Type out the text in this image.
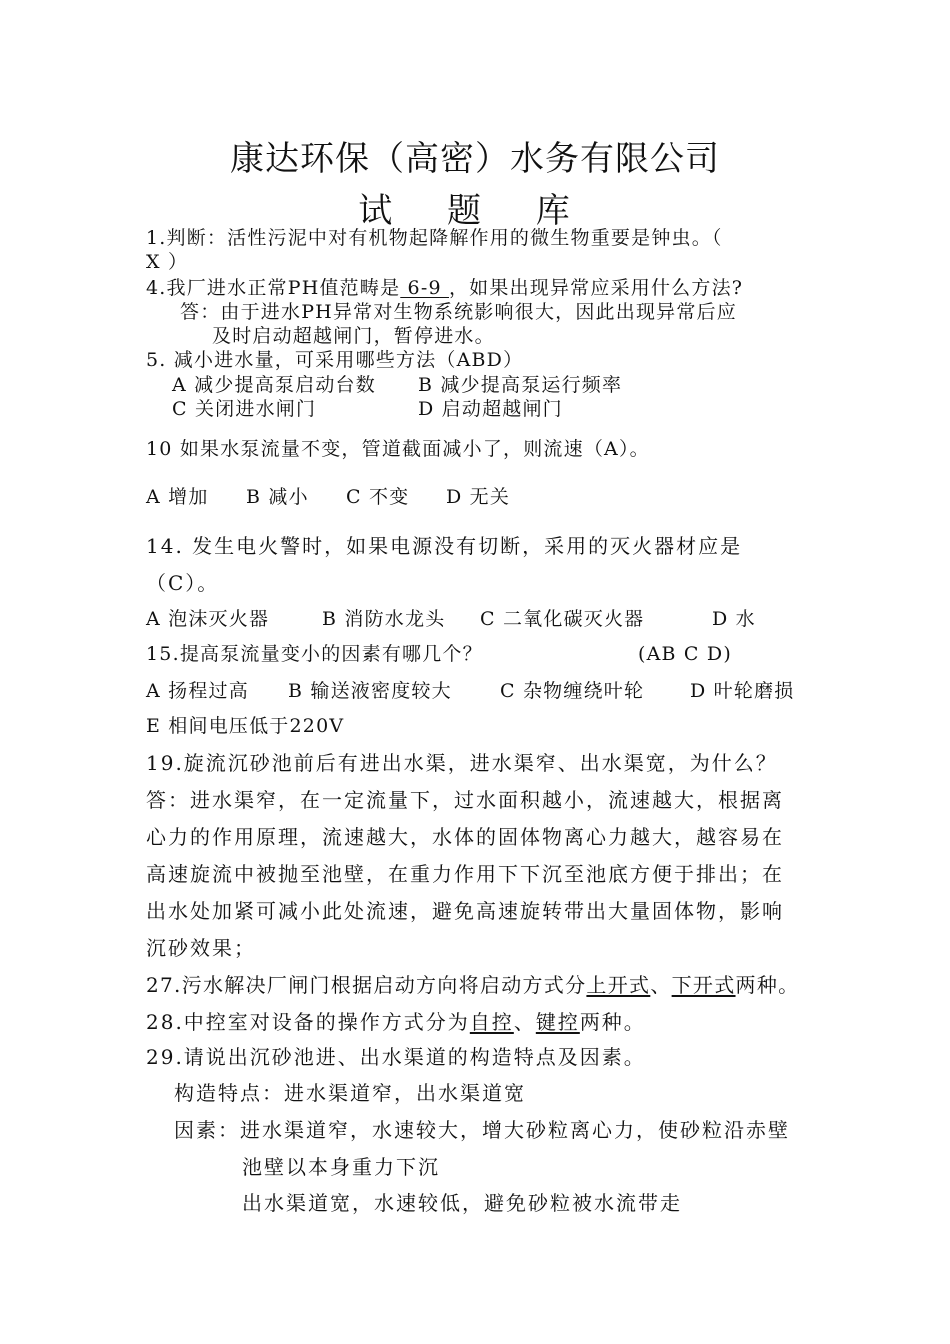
康达环保（高密）水务有限公司
试 题 库
1.判断：活性污泥中对有机物起降解作用的微生物重要是钟虫。（
X ）
4.我厂进水正常PH值范畴是 6-9 ，如果出现异常应采用什么方法?
答：由于进水PH异常对生物系统影响很大，因此出现异常后应
及时启动超越闸门，暂停进水。
5. 减小进水量，可采用哪些方法（ABD）
A 减少提高泵启动台数 B 减少提高泵运行频率
C 关闭进水闸门	D 启动超越闸门
10 如果水泵流量不变，管道截面减小了，则流速（A）。
A 增加 B 减小 C 不变 D 无关
14. 发生电火警时，如果电源没有切断，采用的灭火器材应是
（C）。
A 泡沫灭火器	B 消防水龙头 C 二氧化碳灭火器	D 水
15.提高泵流量变小的因素有哪几个？	(AB C D)
A 扬程过高 B 输送液密度较大	C 杂物缠绕叶轮 D 叶轮磨损
E 相间电压低于220V
19.旋流沉砂池前后有进出水渠，进水渠窄、出水渠宽，为什么？
答：进水渠窄，在一定流量下，过水面积越小，流速越大，根据离
心力的作用原理，流速越大，水体的固体物离心力越大，越容易在
高速旋流中被抛至池壁，在重力作用下下沉至池底方便于排出；在
出水处加紧可减小此处流速，避免高速旋转带出大量固体物，影响
沉砂效果；
27.污水解决厂闸门根据启动方向将启动方式分上开式、下开式两种。
28.中控室对设备的操作方式分为自控、键控两种。
29.请说出沉砂池进、出水渠道的构造特点及因素。
构造特点：进水渠道窄，出水渠道宽
因素：进水渠道窄，水速较大，增大砂粒离心力，使砂粒沿赤壁
池壁以本身重力下沉
出水渠道宽，水速较低，避免砂粒被水流带走
